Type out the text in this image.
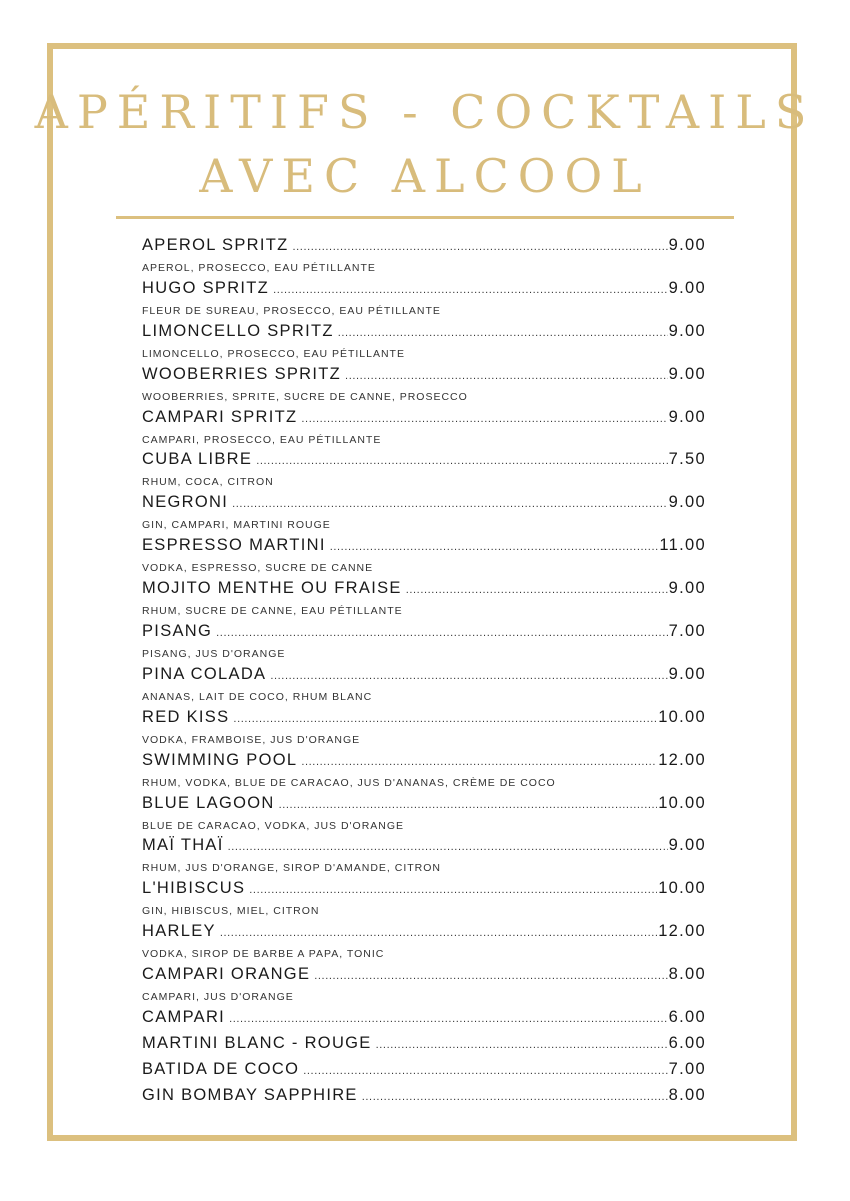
APÉRITIFS - COCKTAILS
AVEC ALCOOL
APEROL SPRITZ .....	9.00
APEROL, PROSECCO, EAU PÉTILLANTE
HUGO SPRITZ .....	9.00
FLEUR DE SUREAU, PROSECCO, EAU PÉTILLANTE
LIMONCELLO SPRITZ .....	9.00
LIMONCELLO, PROSECCO, EAU PÉTILLANTE
WOOBERRIES SPRITZ .....	9.00
WOOBERRIES, SPRITE, SUCRE DE CANNE, PROSECCO
CAMPARI SPRITZ .....	9.00
CAMPARI, PROSECCO, EAU PÉTILLANTE
CUBA LIBRE .....	7.50
RHUM, COCA, CITRON
NEGRONI .....	9.00
GIN, CAMPARI, MARTINI ROUGE
ESPRESSO MARTINI .....	11.00
VODKA, ESPRESSO, SUCRE DE CANNE
MOJITO MENTHE OU FRAISE .....	9.00
RHUM, SUCRE DE CANNE, EAU PÉTILLANTE
PISANG .....	7.00
PISANG, JUS D'ORANGE
PINA COLADA .....	9.00
ANANAS, LAIT DE COCO, RHUM BLANC
RED KISS .....	10.00
VODKA, FRAMBOISE, JUS D'ORANGE
SWIMMING POOL .....	12.00
RHUM, VODKA, BLUE DE CARACAO, JUS D'ANANAS, CRÈME DE COCO
BLUE LAGOON .....	10.00
BLUE DE CARACAO, VODKA, JUS D'ORANGE
MAÏ THAÏ .....	9.00
RHUM, JUS D'ORANGE, SIROP D'AMANDE, CITRON
L'HIBISCUS .....	10.00
GIN, HIBISCUS, MIEL, CITRON
HARLEY .....	12.00
VODKA, SIROP DE BARBE A PAPA, TONIC
CAMPARI ORANGE .....	8.00
CAMPARI, JUS D'ORANGE
CAMPARI .....	6.00
MARTINI BLANC - ROUGE .....	6.00
BATIDA DE COCO .....	7.00
GIN BOMBAY SAPPHIRE .....	8.00
